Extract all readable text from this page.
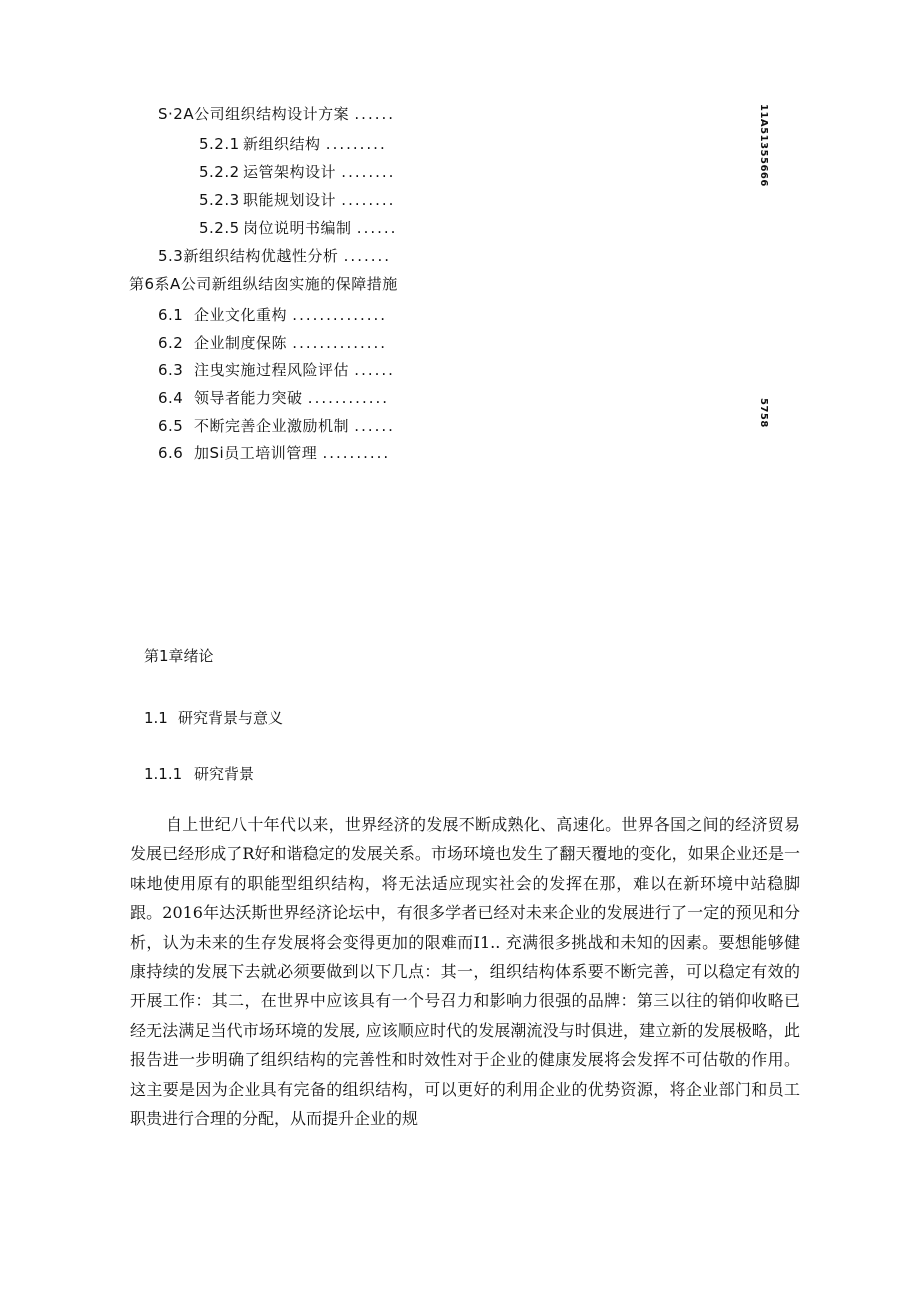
S·2A公司组织结构设计方案 ......
5.2.1 新组织结构 .........
5.2.2 运管架构设计 ........
5.2.3 职能规划设计 ........
5.2.5 岗位说明书编制 ......
5.3新组织结构优越性分析 .......
第6系A公司新组纵结囱实施的保障措施
6.1 企业文化重构 ..............
6.2 企业制度保陈 ..............
6.3 注曳实施过程风险评估 ......
6.4 领导者能力突破 ............
6.5 不断完善企业激励机制 ......
6.6 加Si员工培训管理 ..........
11A51355666
5758
第1章绪论
1.1 研究背景与意义
1.1.1 研究背景

自上世纪八十年代以来，世界经济的发展不断成熟化、高速化。世界各国之间的经济贸易发展已经形成了R好和谐稳定的发展关系。市场环境也发生了翻天覆地的变化，如果企业还是一味地使用原有的职能型组织结构，将无法适应现实社会的发挥在那，难以在新环境中站稳脚跟。2016年达沃斯世界经济论坛中，有很多学者已经对未来企业的发展进行了一定的预见和分析，认为未来的生存发展将会变得更加的限难而I1.. 充满很多挑战和未知的因素。要想能够健康持续的发展下去就必须要做到以下几点：其一，组织结构体系要不断完善，可以稳定有效的开展工作：其二，在世界中应该具有一个号召力和影响力很强的品牌：第三以往的销仰收略已经无法满足当代市场环境的发展, 应该顺应时代的发展潮流没与时俱进，建立新的发展极略，此报告进一步明确了组织结构的完善性和时效性对于企业的健康发展将会发挥不可估敬的作用。这主要是因为企业具有完备的组织结构，可以更好的利用企业的优势资源，将企业部门和员工职贵进行合理的分配，从而提升企业的规
